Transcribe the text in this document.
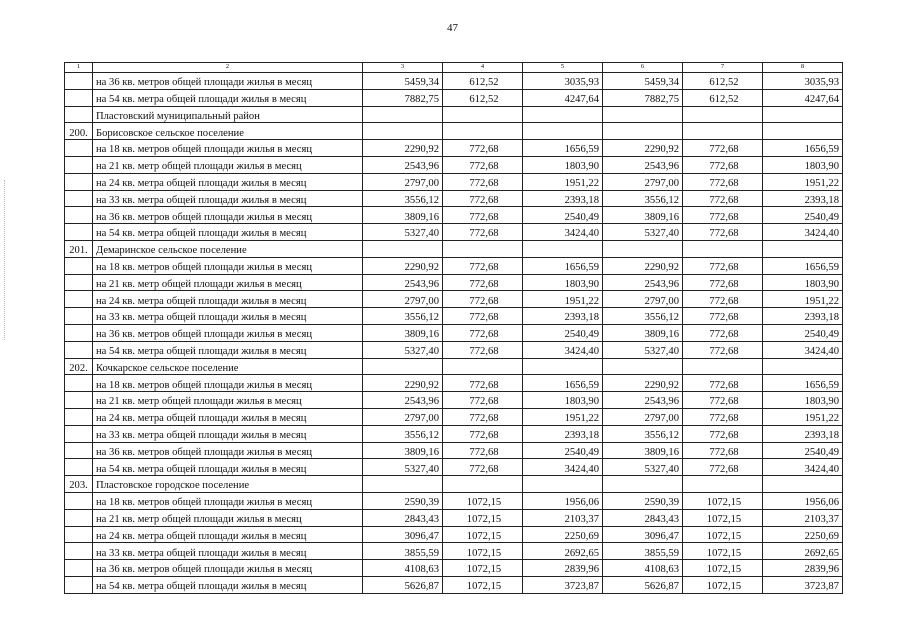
47
1	2	3	4	5	6	7	8
	на 36 кв. метров общей площади жилья в месяц	5459,34	612,52	3035,93	5459,34	612,52	3035,93
	на 54 кв. метра общей площади жилья в месяц	7882,75	612,52	4247,64	7882,75	612,52	4247,64
	Пластовский муниципальный район						
200.	Борисовское сельское поселение						
	на 18 кв. метров общей площади жилья в месяц	2290,92	772,68	1656,59	2290,92	772,68	1656,59
	на 21 кв. метр общей площади жилья в месяц	2543,96	772,68	1803,90	2543,96	772,68	1803,90
	на 24 кв. метра общей площади жилья в месяц	2797,00	772,68	1951,22	2797,00	772,68	1951,22
	на 33 кв. метра общей площади жилья в месяц	3556,12	772,68	2393,18	3556,12	772,68	2393,18
	на 36 кв. метров общей площади жилья в месяц	3809,16	772,68	2540,49	3809,16	772,68	2540,49
	на 54 кв. метра общей площади жилья в месяц	5327,40	772,68	3424,40	5327,40	772,68	3424,40
201.	Демаринское сельское поселение						
	на 18 кв. метров общей площади жилья в месяц	2290,92	772,68	1656,59	2290,92	772,68	1656,59
	на 21 кв. метр общей площади жилья в месяц	2543,96	772,68	1803,90	2543,96	772,68	1803,90
	на 24 кв. метра общей площади жилья в месяц	2797,00	772,68	1951,22	2797,00	772,68	1951,22
	на 33 кв. метра общей площади жилья в месяц	3556,12	772,68	2393,18	3556,12	772,68	2393,18
	на 36 кв. метров общей площади жилья в месяц	3809,16	772,68	2540,49	3809,16	772,68	2540,49
	на 54 кв. метра общей площади жилья в месяц	5327,40	772,68	3424,40	5327,40	772,68	3424,40
202.	Кочкарское сельское поселение						
	на 18 кв. метров общей площади жилья в месяц	2290,92	772,68	1656,59	2290,92	772,68	1656,59
	на 21 кв. метр общей площади жилья в месяц	2543,96	772,68	1803,90	2543,96	772,68	1803,90
	на 24 кв. метра общей площади жилья в месяц	2797,00	772,68	1951,22	2797,00	772,68	1951,22
	на 33 кв. метра общей площади жилья в месяц	3556,12	772,68	2393,18	3556,12	772,68	2393,18
	на 36 кв. метров общей площади жилья в месяц	3809,16	772,68	2540,49	3809,16	772,68	2540,49
	на 54 кв. метра общей площади жилья в месяц	5327,40	772,68	3424,40	5327,40	772,68	3424,40
203.	Пластовское городское поселение						
	на 18 кв. метров общей площади жилья в месяц	2590,39	1072,15	1956,06	2590,39	1072,15	1956,06
	на 21 кв. метр общей площади жилья в месяц	2843,43	1072,15	2103,37	2843,43	1072,15	2103,37
	на 24 кв. метра общей площади жилья в месяц	3096,47	1072,15	2250,69	3096,47	1072,15	2250,69
	на 33 кв. метра общей площади жилья в месяц	3855,59	1072,15	2692,65	3855,59	1072,15	2692,65
	на 36 кв. метров общей площади жилья в месяц	4108,63	1072,15	2839,96	4108,63	1072,15	2839,96
	на 54 кв. метра общей площади жилья в месяц	5626,87	1072,15	3723,87	5626,87	1072,15	3723,87
